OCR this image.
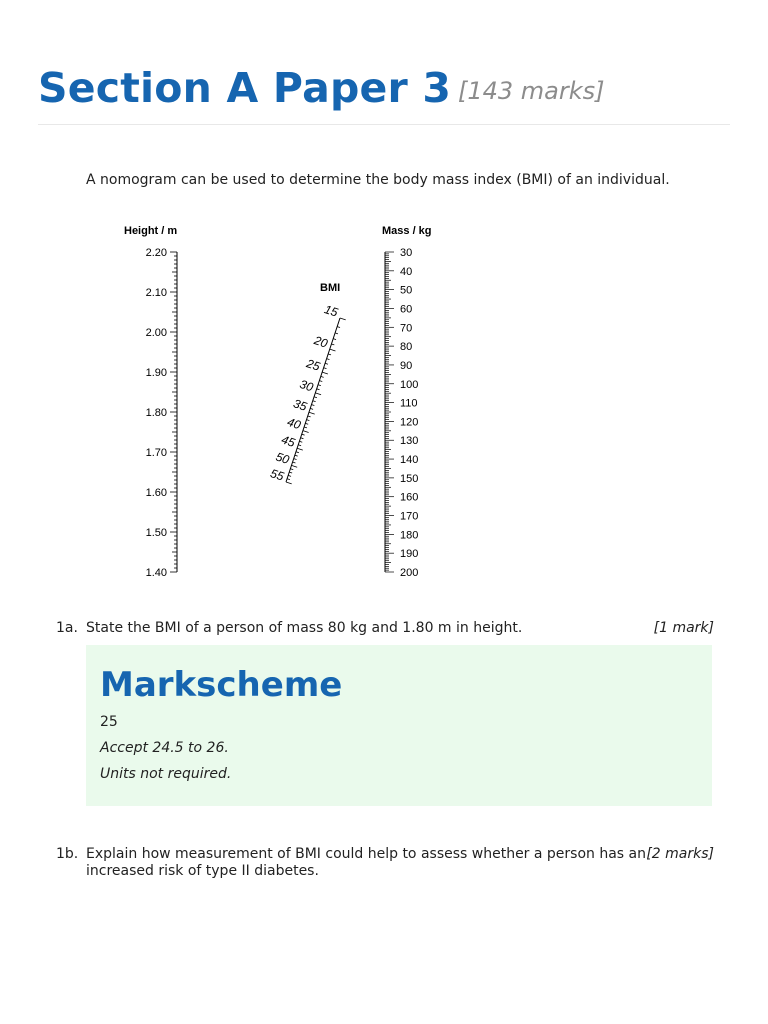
Section A Paper 3 [143 marks]
A nomogram can be used to determine the body mass index (BMI) of an individual.
Height / m
BMI
Mass / kg
2.20
2.10
2.00
1.90
1.80
1.70
1.60
1.50
1.40
15
20
25
30
35
40
45
50
55
30
40
50
60
70
80
90
100
110
120
130
140
150
160
170
180
190
200
1a. State the BMI of a person of mass 80 kg and 1.80 m in height.	[1 mark]
Markscheme
25
Accept 24.5 to 26.
Units not required.
1b. Explain how measurement of BMI could help to assess whether a person has an increased risk of type II diabetes.
[2 marks]
